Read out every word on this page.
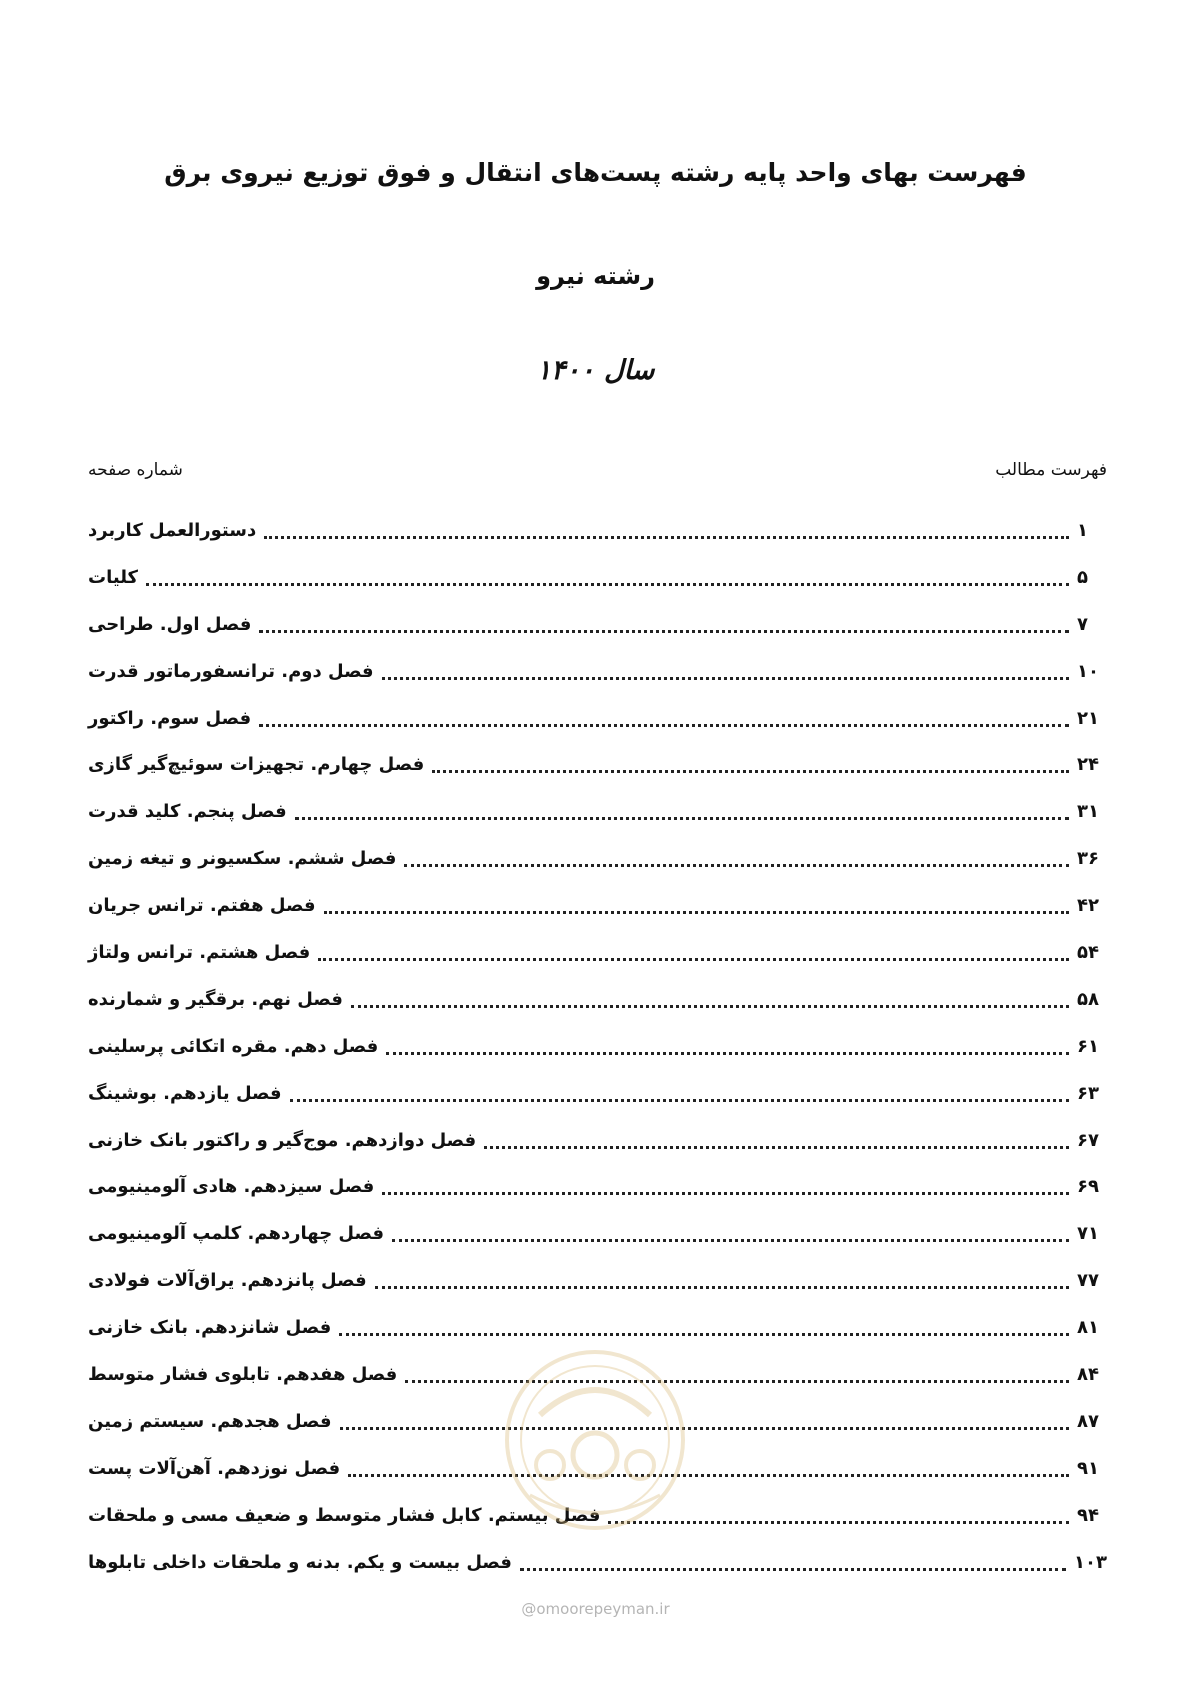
فهرست بهای واحد پایه رشته پست‌های انتقال و فوق توزیع نیروی برق
رشته نیرو
سال ۱۴۰۰
فهرست مطالب
شماره صفحه
دستورالعمل کاربرد	۱
کلیات	۵
فصل اول. طراحی	۷
فصل دوم. ترانسفورماتور قدرت	۱۰
فصل سوم. راکتور	۲۱
فصل چهارم. تجهیزات سوئیچ‌گیر گازی	۲۴
فصل پنجم. کلید قدرت	۳۱
فصل ششم. سکسیونر و تیغه زمین	۳۶
فصل هفتم. ترانس جریان	۴۲
فصل هشتم. ترانس ولتاژ	۵۴
فصل نهم. برقگیر و شمارنده	۵۸
فصل دهم. مقره اتکائی پرسلینی	۶۱
فصل یازدهم. بوشینگ	۶۳
فصل دوازدهم. موج‌گیر و راکتور بانک خازنی	۶۷
فصل سیزدهم. هادی آلومینیومی	۶۹
فصل چهاردهم. کلمپ آلومینیومی	۷۱
فصل پانزدهم. یراق‌آلات فولادی	۷۷
فصل شانزدهم. بانک خازنی	۸۱
فصل هفدهم. تابلوی فشار متوسط	۸۴
فصل هجدهم. سیستم زمین	۸۷
فصل نوزدهم. آهن‌آلات پست	۹۱
فصل بیستم. کابل فشار متوسط و ضعیف مسی و ملحقات	۹۴
فصل بیست و یکم. بدنه و ملحقات داخلی تابلوها	۱۰۳
@omoorepeyman.ir
